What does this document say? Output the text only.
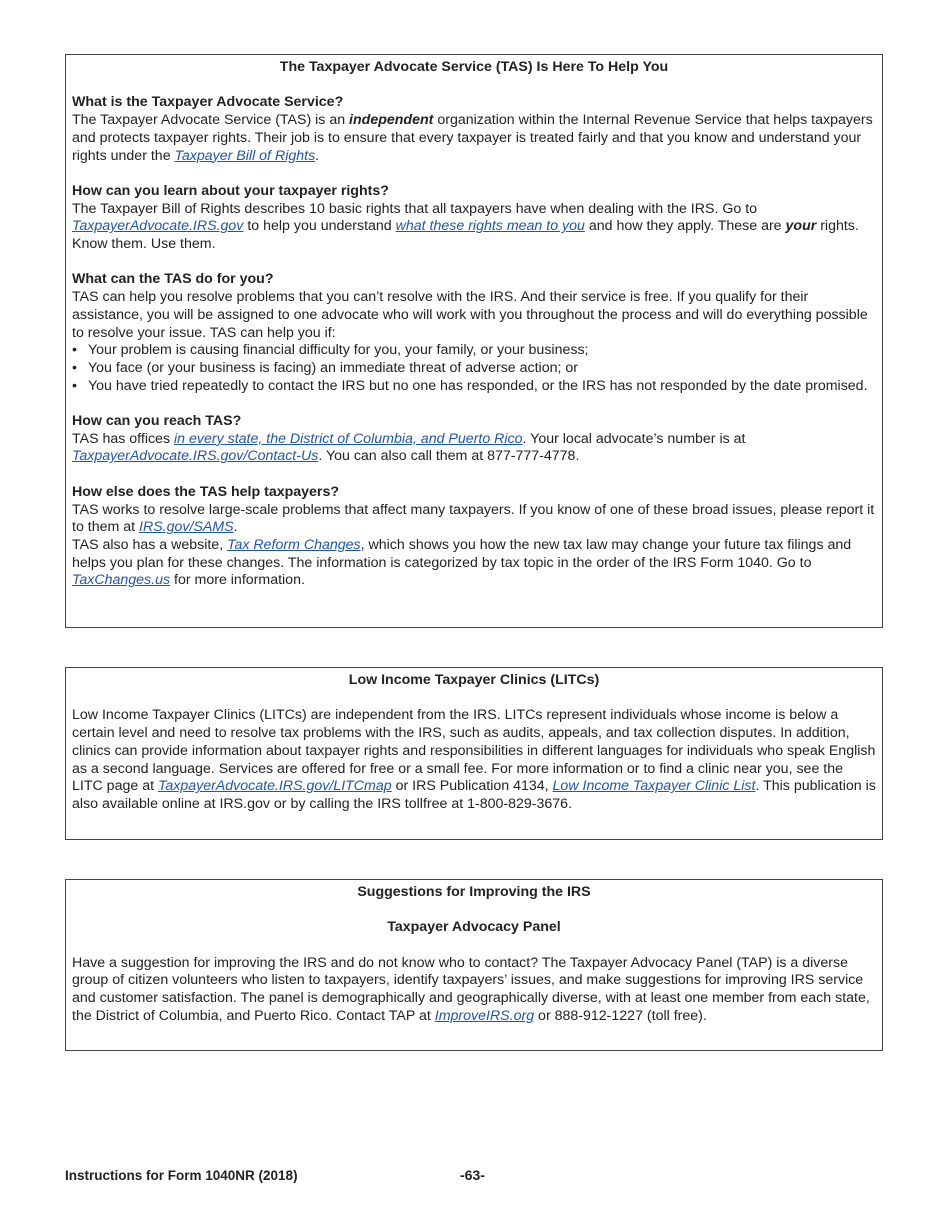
The Taxpayer Advocate Service (TAS) Is Here To Help You

What is the Taxpayer Advocate Service?

The Taxpayer Advocate Service (TAS) is an independent organization within the Internal Revenue Service that helps taxpayers and protects taxpayer rights. Their job is to ensure that every taxpayer is treated fairly and that you know and understand your rights under the Taxpayer Bill of Rights.

How can you learn about your taxpayer rights?

The Taxpayer Bill of Rights describes 10 basic rights that all taxpayers have when dealing with the IRS. Go to TaxpayerAdvocate.IRS.gov to help you understand what these rights mean to you and how they apply. These are your rights. Know them. Use them.

What can the TAS do for you?

TAS can help you resolve problems that you can’t resolve with the IRS. And their service is free. If you qualify for their assistance, you will be assigned to one advocate who will work with you throughout the process and will do everything possible to resolve your issue. TAS can help you if:

• Your problem is causing financial difficulty for you, your family, or your business;

• You face (or your business is facing) an immediate threat of adverse action; or

• You have tried repeatedly to contact the IRS but no one has responded, or the IRS has not responded by the date promised.

How can you reach TAS?

TAS has offices in every state, the District of Columbia, and Puerto Rico. Your local advocate’s number is at TaxpayerAdvocate.IRS.gov/Contact-Us. You can also call them at 877-777-4778.

How else does the TAS help taxpayers?

TAS works to resolve large-scale problems that affect many taxpayers. If you know of one of these broad issues, please report it to them at IRS.gov/SAMS.

TAS also has a website, Tax Reform Changes, which shows you how the new tax law may change your future tax filings and helps you plan for these changes. The information is categorized by tax topic in the order of the IRS Form 1040. Go to TaxChanges.us for more information.

Low Income Taxpayer Clinics (LITCs)

Low Income Taxpayer Clinics (LITCs) are independent from the IRS. LITCs represent individuals whose income is below a certain level and need to resolve tax problems with the IRS, such as audits, appeals, and tax collection disputes. In addition, clinics can provide information about taxpayer rights and responsibilities in different languages for individuals who speak English as a second language. Services are offered for free or a small fee. For more information or to find a clinic near you, see the LITC page at TaxpayerAdvocate.IRS.gov/LITCmap or IRS Publication 4134, Low Income Taxpayer Clinic List. This publication is also available online at IRS.gov or by calling the IRS tollfree at 1-800-829-3676.

Suggestions for Improving the IRS

Taxpayer Advocacy Panel

Have a suggestion for improving the IRS and do not know who to contact? The Taxpayer Advocacy Panel (TAP) is a diverse group of citizen volunteers who listen to taxpayers, identify taxpayers’ issues, and make suggestions for improving IRS service and customer satisfaction. The panel is demographically and geographically diverse, with at least one member from each state, the District of Columbia, and Puerto Rico. Contact TAP at ImproveIRS.org or 888-912-1227 (toll free).

Instructions for Form 1040NR (2018)	-63-
